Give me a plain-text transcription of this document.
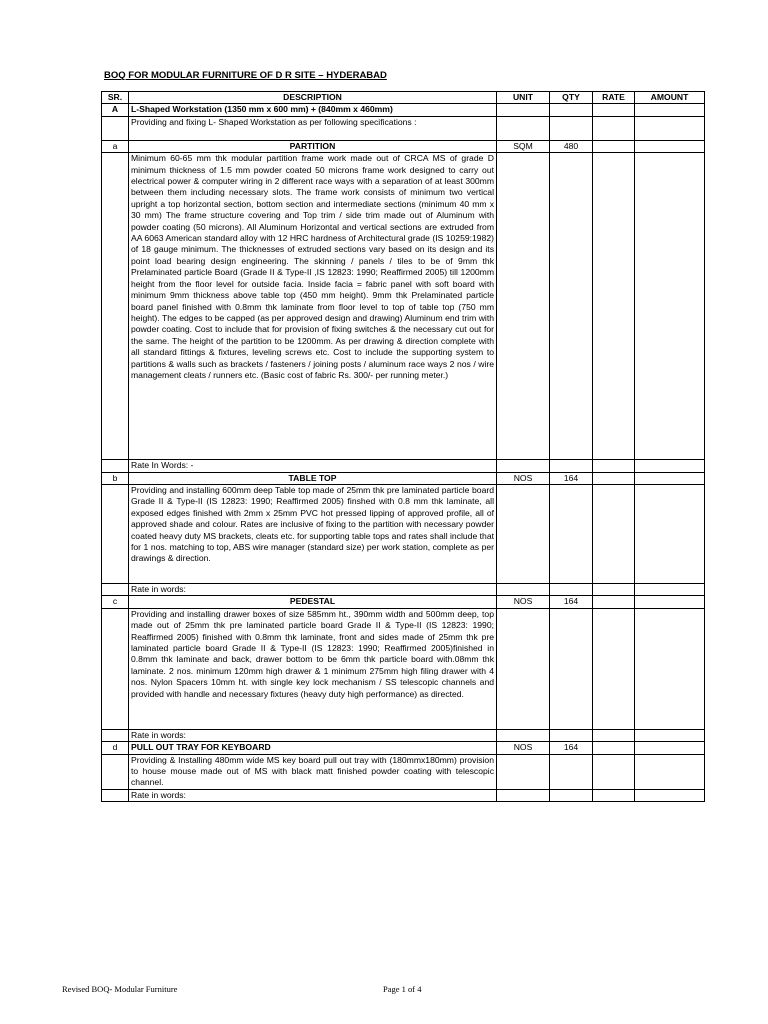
BOQ FOR MODULAR FURNITURE OF D R SITE – HYDERABAD
SR.	DESCRIPTION	UNIT	QTY	RATE	AMOUNT
A	L-Shaped Workstation (1350 mm x 600 mm) + (840mm x 460mm)				
	Providing and fixing L- Shaped Workstation as per following specifications :				
a	PARTITION	SQM	480		
	Minimum 60-65 mm thk modular partition frame work made out of CRCA MS of grade D minimum thickness of 1.5 mm powder coated 50 microns frame work designed to carry out electrical power & computer wiring in 2 different race ways with a separation of at least 300mm between them including necessary slots. The frame work consists of minimum two vertical upright a top horizontal section, bottom section and intermediate sections (minimum 40 mm x 30 mm) The frame structure covering and Top trim / side trim made out of Aluminum with powder coating (50 microns). All Aluminum Horizontal and vertical sections are extruded from AA 6063 American standard alloy with 12 HRC hardness of Architectural grade (IS 10259:1982) of 18 gauge minimum. The thicknesses of extruded sections vary based on its design and its point load bearing design engineering. The skinning / panels / tiles to be of 9mm thk Prelaminated particle Board (Grade II & Type-II ,IS 12823: 1990; Reaffirmed 2005) till 1200mm height from the floor level for outside facia. Inside facia = fabric panel with soft board with minimum 9mm thickness above table top (450 mm height). 9mm thk Prelaminated particle board panel finished with 0.8mm thk laminate from floor level to top of table top (750 mm height). The edges to be capped (as per approved design and drawing) Aluminum end trim with powder coating. Cost to include that for provision of fixing switches & the necessary cut out for the same. The height of the partition to be 1200mm. As per drawing & direction complete with all standard fittings & fixtures, leveling screws etc. Cost to include the supporting system to partitions & walls such as brackets / fasteners / joining posts / aluminum race ways 2 nos / wire management cleats / runners etc. (Basic cost of fabric Rs. 300/- per running meter.)				
	Rate In Words: -				
b	TABLE TOP	NOS	164		
	Providing and installing 600mm deep Table top made of 25mm thk pre laminated particle board Grade II & Type-II (IS 12823: 1990; Reaffirmed 2005) finshed with 0.8 mm thk laminate, all exposed edges finished with 2mm x 25mm PVC hot pressed lipping of approved profile, all of approved shade and colour. Rates are inclusive of fixing to the partition with necessary powder coated heavy duty MS brackets, cleats etc. for supporting table tops and rates shall include that for 1 nos. matching to top, ABS wire manager (standard size) per work station, complete as per drawings & direction.				
	Rate in words:				
c	PEDESTAL	NOS	164		
	Providing and installing drawer boxes of size 585mm ht., 390mm width and 500mm deep, top made out of 25mm thk pre laminated particle board Grade II & Type-II (IS 12823: 1990; Reaffirmed 2005) finished with 0.8mm thk laminate, front and sides made of 25mm thk pre laminated particle board Grade II & Type-II (IS 12823: 1990; Reaffirmed 2005)finished in 0.8mm thk laminate and back, drawer bottom to be 6mm thk particle board with.08mm thk laminate. 2 nos. minimum 120mm high drawer & 1 minimum 275mm high filing drawer with 4 nos. Nylon Spacers 10mm ht. with single key lock mechanism / SS telescopic channels and provided with handle and necessary fixtures (heavy duty high performance) as directed.				
	Rate in words:				
d	PULL OUT TRAY FOR KEYBOARD	NOS	164		
	Providing & Installing 480mm wide MS key board pull out tray with (180mmx180mm) provision to house mouse made out of MS with black matt finished powder coating with telescopic channel.				
	Rate in words:				
Revised BOQ- Modular Furniture	Page 1 of 4
